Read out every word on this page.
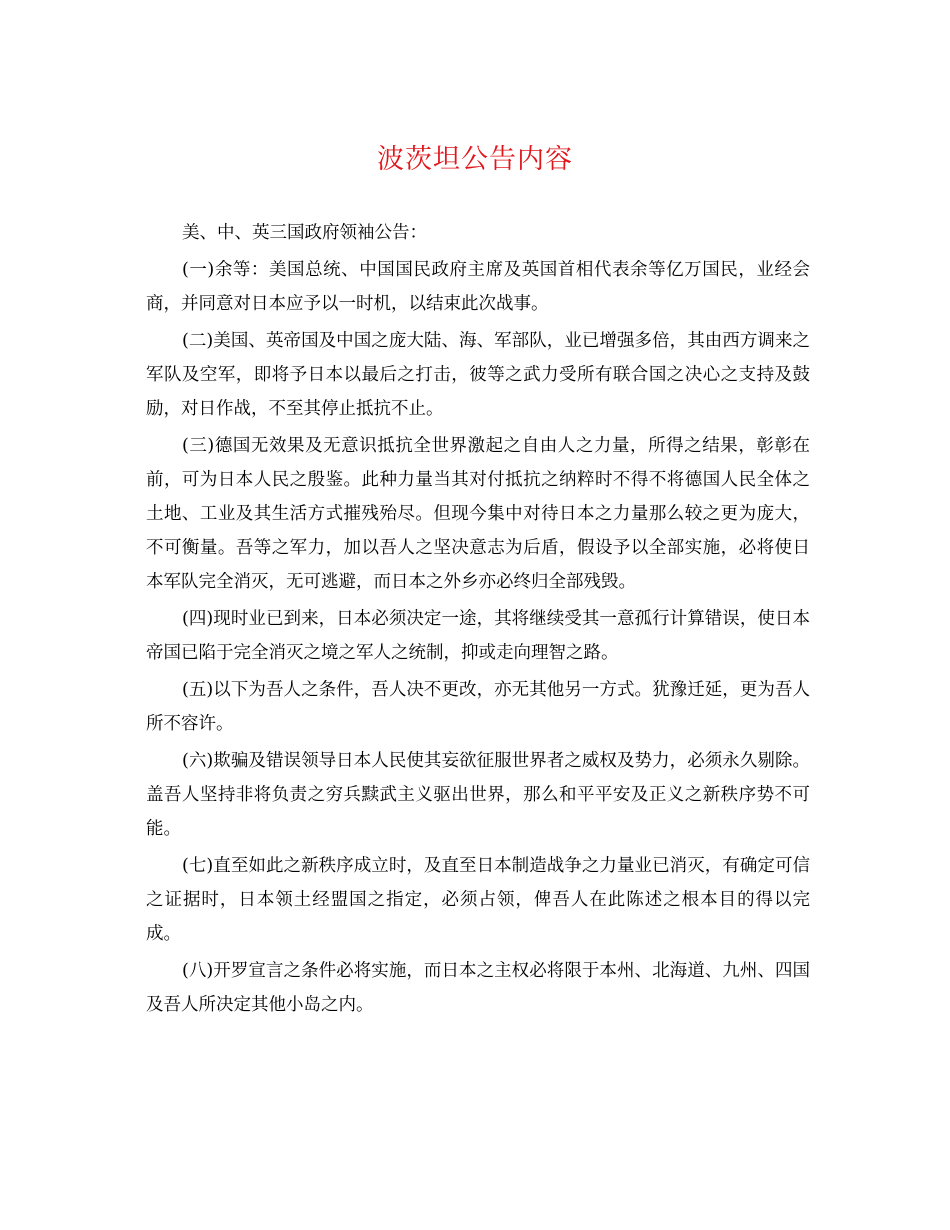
波茨坦公告内容

美、中、英三国政府领袖公告：

(一)余等：美国总统、中国国民政府主席及英国首相代表余等亿万国民，业经会商，并同意对日本应予以一时机，以结束此次战事。

(二)美国、英帝国及中国之庞大陆、海、军部队，业已增强多倍，其由西方调来之军队及空军，即将予日本以最后之打击，彼等之武力受所有联合国之决心之支持及鼓励，对日作战，不至其停止抵抗不止。

(三)德国无效果及无意识抵抗全世界激起之自由人之力量，所得之结果，彰彰在前，可为日本人民之殷鉴。此种力量当其对付抵抗之纳粹时不得不将德国人民全体之土地、工业及其生活方式摧残殆尽。但现今集中对待日本之力量那么较之更为庞大，不可衡量。吾等之军力，加以吾人之坚决意志为后盾，假设予以全部实施，必将使日本军队完全消灭，无可逃避，而日本之外乡亦必终归全部残毁。

(四)现时业已到来，日本必须决定一途，其将继续受其一意孤行计算错误，使日本帝国已陷于完全消灭之境之军人之统制，抑或走向理智之路。

(五)以下为吾人之条件，吾人决不更改，亦无其他另一方式。犹豫迁延，更为吾人所不容许。

(六)欺骗及错误领导日本人民使其妄欲征服世界者之威权及势力，必须永久剔除。盖吾人坚持非将负责之穷兵黩武主义驱出世界，那么和平平安及正义之新秩序势不可能。

(七)直至如此之新秩序成立时，及直至日本制造战争之力量业已消灭，有确定可信之证据时，日本领土经盟国之指定，必须占领，俾吾人在此陈述之根本目的得以完成。

(八)开罗宣言之条件必将实施，而日本之主权必将限于本州、北海道、九州、四国及吾人所决定其他小岛之内。
